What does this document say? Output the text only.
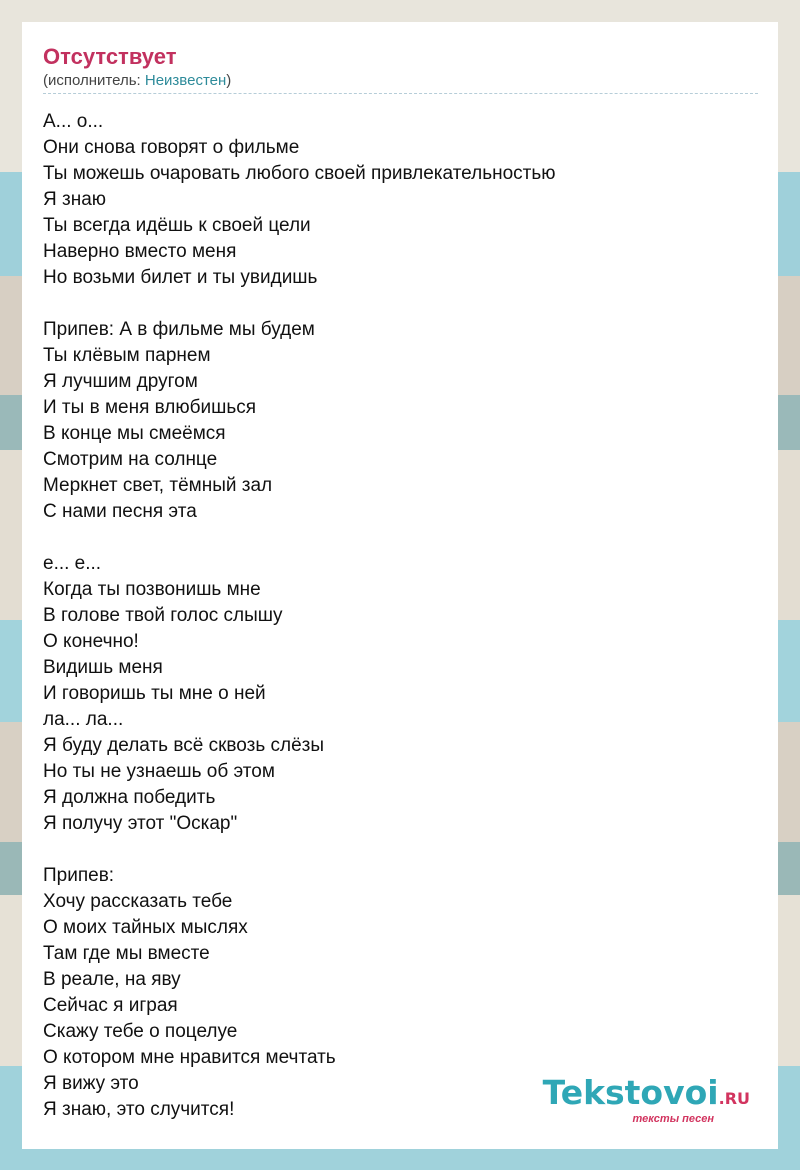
Отсутствует
(исполнитель: Неизвестен)
А... о...
Они снова говорят о фильме
Ты можешь очаровать любого своей привлекательностью
Я знаю
Ты всегда идёшь к своей цели
Наверно вместо меня
Но возьми билет и ты увидишь
Припев: А в фильме мы будем
Ты клёвым парнем
Я лучшим другом
И ты в меня влюбишься
В конце мы смеёмся
Смотрим на солнце
Меркнет свет, тёмный зал
С нами песня эта
е... е...
Когда ты позвонишь мне
В голове твой голос слышу
О конечно!
Видишь меня
И говоришь ты мне о ней
ла... ла...
Я буду делать всё сквозь слёзы
Но ты не узнаешь об этом
Я должна победить
Я получу этот "Оскар"
Припев:
Хочу рассказать тебе
О моих тайных мыслях
Там где мы вместе
В реале, на яву
Сейчас я играя
Скажу тебе о поцелуе
О котором мне нравится мечтать
Я вижу это
Я знаю, это случится!	Tekstovoi.RU
тексты песен
